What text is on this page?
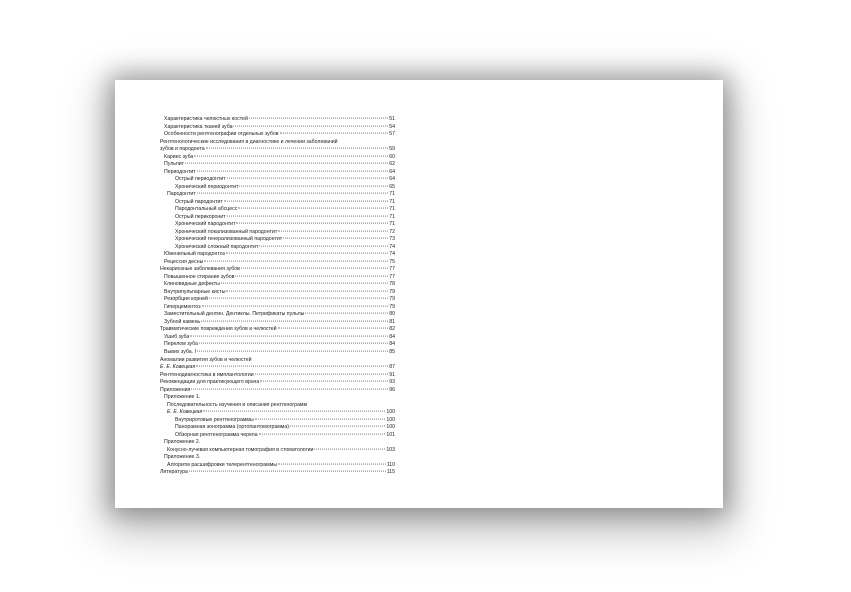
Характеристика челюстных костей	51
Характеристика тканей зуба	54
Особенности рентгенографии отдельных зубов	57
Рентгенологические исследования в диагностике и лечении заболеваний
зубов и пародонта	59
Кариес зуба	60
Пульпит	62
Периодонтит	64
Острый периодонтит	64
Хронический периодонтит	65
Пародонтит	71
Острый пародонтит	71
Пародонтальный абсцесс	71
Острый перикоронит	71
Хронический пародонтит	71
Хронический локализованный пародонтит	72
Хронический генерализованный пародонтит	73
Хронический сложный пародонтит	74
Ювенильный пародонтоз	74
Рецессия десны	75
Некариозные заболевания зубов	77
Повышенное стирание зубов	77
Клиновидные дефекты	78
Внутрипульпарные кисты	79
Резорбция корней	79
Гиперцементоз	79
Заместительный дентин. Дентиклы. Петрификаты пульпы	80
Зубной камень	81
Травматические повреждения зубов и челюстей	82
Ушиб зуба	84
Перелом зуба	84
Вывих зуба. I	85
Аномалии развития зубов и челюстей
Е. Е. Ковецкая	87
Рентгенодиагностика в имплантологии	91
Рекомендации для практикующего врача	93
Приложения	96
Приложение 1.
Последовательность изучения и описания рентгенограмм
Е. Е. Ковецкая	100
Внутриротовые рентгенограммы	100
Панорамная зонограмма (ортопантомограмма)	100
Обзорная рентгенограмма черепа	101
Приложение 2.
Конусно-лучевая компьютерная томография в стоматологии	103
Приложение 3.
Алгоритм расшифровки телерентгенограммы	110
Литература	115
